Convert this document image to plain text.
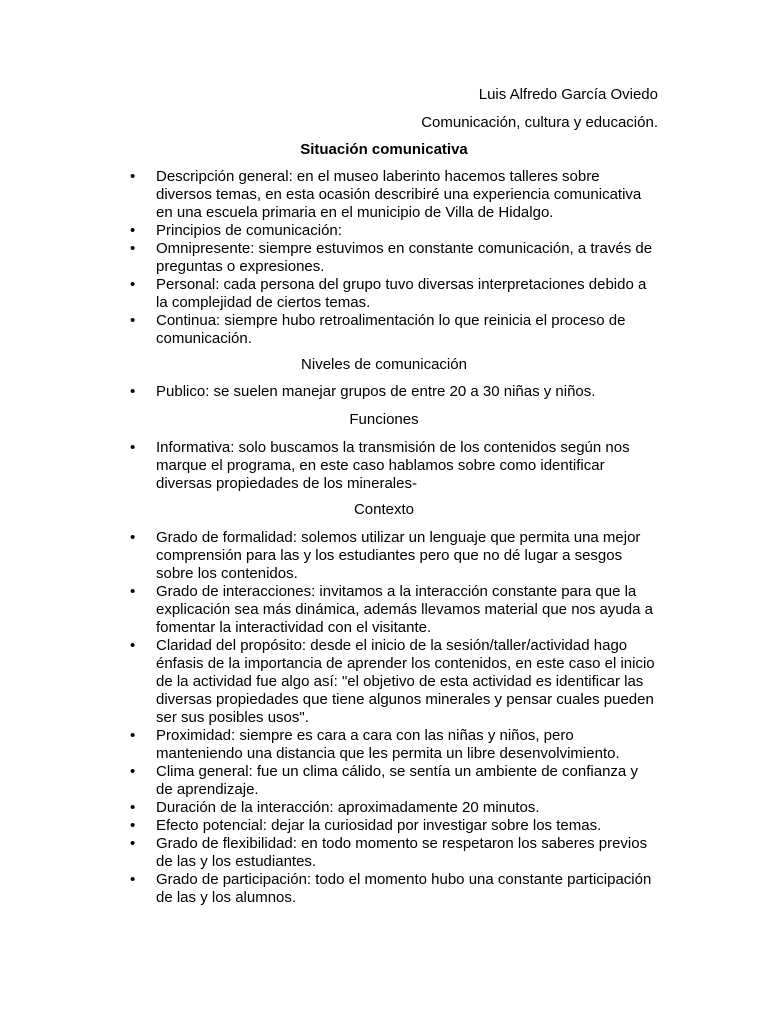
Luis Alfredo García Oviedo
Comunicación, cultura y educación.
Situación comunicativa
• Descripción general: en el museo laberinto hacemos talleres sobre diversos temas, en esta ocasión describiré una experiencia comunicativa en una escuela primaria en el municipio de Villa de Hidalgo.
• Principios de comunicación:
• Omnipresente: siempre estuvimos en constante comunicación, a través de preguntas o expresiones.
• Personal: cada persona del grupo tuvo diversas interpretaciones debido a la complejidad de ciertos temas.
• Continua: siempre hubo retroalimentación lo que reinicia el proceso de comunicación.
Niveles de comunicación
• Publico: se suelen manejar grupos de entre 20 a 30 niñas y niños.
Funciones
• Informativa: solo buscamos la transmisión de los contenidos según nos marque el programa, en este caso hablamos sobre como identificar diversas propiedades de los minerales-
Contexto
• Grado de formalidad: solemos utilizar un lenguaje que permita una mejor comprensión para las y los estudiantes pero que no dé lugar a sesgos sobre los contenidos.
• Grado de interacciones: invitamos a la interacción constante para que la explicación sea más dinámica, además llevamos material que nos ayuda a fomentar la interactividad con el visitante.
• Claridad del propósito: desde el inicio de la sesión/taller/actividad hago énfasis de la importancia de aprender los contenidos, en este caso el inicio de la actividad fue algo así: "el objetivo de esta actividad es identificar las diversas propiedades que tiene algunos minerales y pensar cuales pueden ser sus posibles usos".
• Proximidad: siempre es cara a cara con las niñas y niños, pero manteniendo una distancia que les permita un libre desenvolvimiento.
• Clima general: fue un clima cálido, se sentía un ambiente de confianza y de aprendizaje.
• Duración de la interacción: aproximadamente 20 minutos.
• Efecto potencial: dejar la curiosidad por investigar sobre los temas.
• Grado de flexibilidad: en todo momento se respetaron los saberes previos de las y los estudiantes.
• Grado de participación: todo el momento hubo una constante participación de las y los alumnos.
